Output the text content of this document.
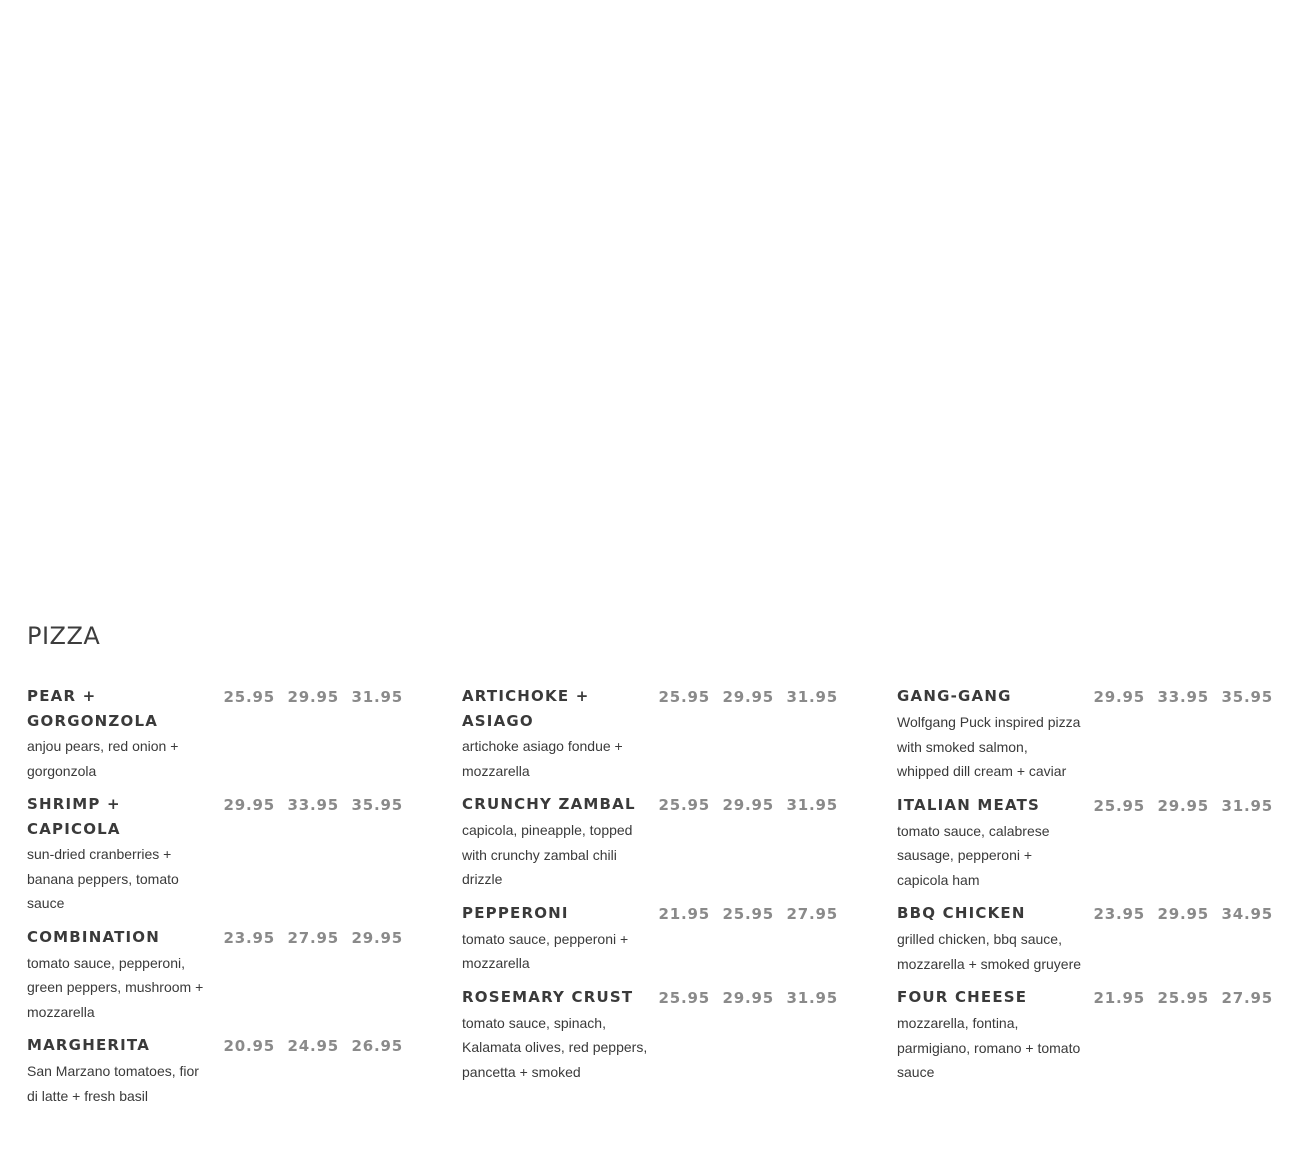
PIZZA
PEAR + GORGONZOLA
25.95 29.95 31.95

anjou pears, red onion + gorgonzola

SHRIMP + CAPICOLA
29.95 33.95 35.95

sun-dried cranberries + banana peppers, tomato sauce

COMBINATION	23.95 27.95 29.95

tomato sauce, pepperoni, green peppers, mushroom + mozzarella

MARGHERITA	20.95 24.95 26.95

San Marzano tomatoes, fior di latte + fresh basil

ARTICHOKE + ASIAGO
25.95 29.95 31.95

artichoke asiago fondue + mozzarella

CRUNCHY ZAMBAL	25.95 29.95 31.95

capicola, pineapple, topped with crunchy zambal chili drizzle

PEPPERONI	21.95 25.95 27.95

tomato sauce, pepperoni + mozzarella

ROSEMARY CRUST	25.95 29.95 31.95

tomato sauce, spinach, Kalamata olives, red peppers, pancetta + smoked

GANG-GANG	29.95 33.95 35.95

Wolfgang Puck inspired pizza with smoked salmon, whipped dill cream + caviar

ITALIAN MEATS	25.95 29.95 31.95

tomato sauce, calabrese sausage, pepperoni + capicola ham

BBQ CHICKEN	23.95 29.95 34.95

grilled chicken, bbq sauce, mozzarella + smoked gruyere

FOUR CHEESE	21.95 25.95 27.95

mozzarella, fontina, parmigiano, romano + tomato sauce
